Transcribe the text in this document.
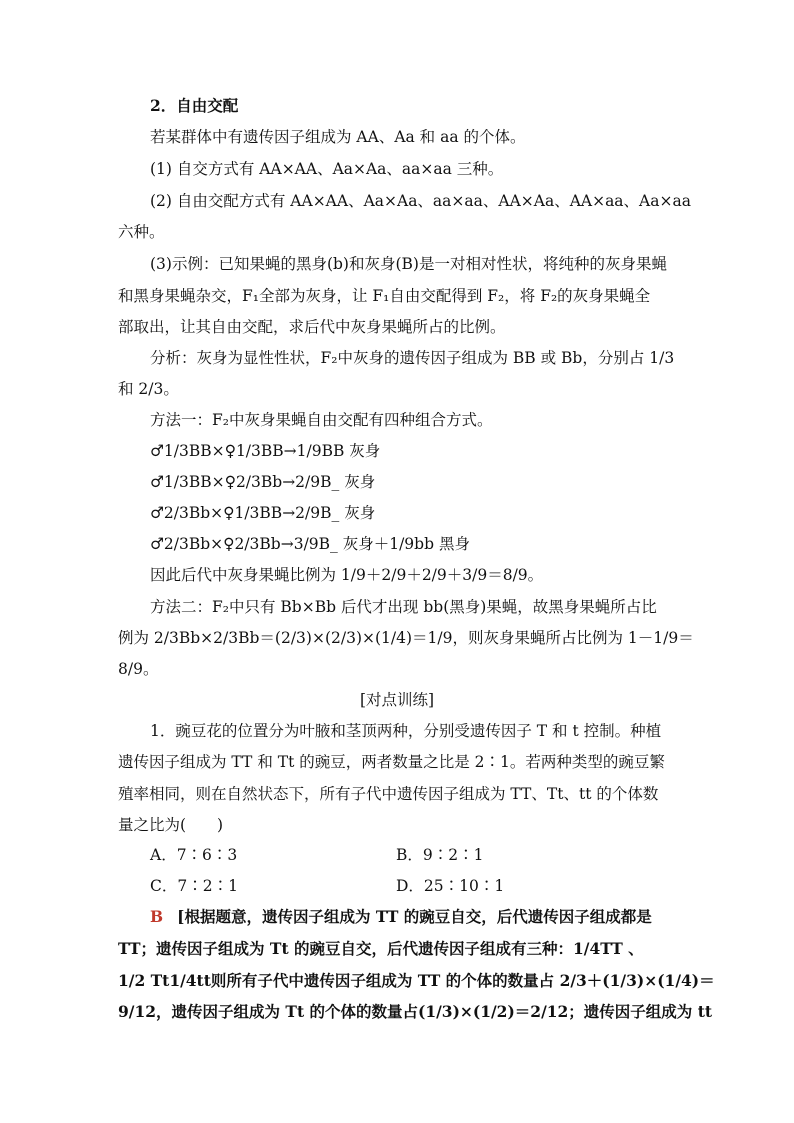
2．自由交配
若某群体中有遗传因子组成为 AA、Aa 和 aa 的个体。
(1) 自交方式有 AA×AA、Aa×Aa、aa×aa 三种。
(2) 自由交配方式有 AA×AA、Aa×Aa、aa×aa、AA×Aa、AA×aa、Aa×aa
六种。
(3)示例：已知果蝇的黑身(b)和灰身(B)是一对相对性状，将纯种的灰身果蝇
和黑身果蝇杂交，F₁全部为灰身，让 F₁自由交配得到 F₂，将 F₂的灰身果蝇全
部取出，让其自由交配，求后代中灰身果蝇所占的比例。
分析：灰身为显性性状，F₂中灰身的遗传因子组成为 BB 或 Bb，分别占 1/3
和 2/3。
方法一：F₂中灰身果蝇自由交配有四种组合方式。
♂1/3BB×♀1/3BB→1/9BB 灰身
♂1/3BB×♀2/3Bb→2/9B_ 灰身
♂2/3Bb×♀1/3BB→2/9B_ 灰身
♂2/3Bb×♀2/3Bb→3/9B_ 灰身＋1/9bb 黑身
因此后代中灰身果蝇比例为 1/9＋2/9＋2/9＋3/9＝8/9。
方法二：F₂中只有 Bb×Bb 后代才出现 bb(黑身)果蝇，故黑身果蝇所占比
例为 2/3Bb×2/3Bb＝(2/3)×(2/3)×(1/4)＝1/9，则灰身果蝇所占比例为 1－1/9＝
8/9。
[对点训练]
1．豌豆花的位置分为叶腋和茎顶两种，分别受遗传因子 T 和 t 控制。种植
遗传因子组成为 TT 和 Tt 的豌豆，两者数量之比是 2∶1。若两种类型的豌豆繁
殖率相同，则在自然状态下，所有子代中遗传因子组成为 TT、Tt、tt 的个体数
量之比为(　　)
A．7∶6∶3	B．9∶2∶1
C．7∶2∶1	D．25∶10∶1
B [根据题意，遗传因子组成为 TT 的豌豆自交，后代遗传因子组成都是
TT；遗传因子组成为 Tt 的豌豆自交，后代遗传因子组成有三种：1/4TT 、
1/2 Tt1/4tt则所有子代中遗传因子组成为 TT 的个体的数量占 2/3＋(1/3)×(1/4)＝
9/12，遗传因子组成为 Tt 的个体的数量占(1/3)×(1/2)＝2/12；遗传因子组成为 tt
